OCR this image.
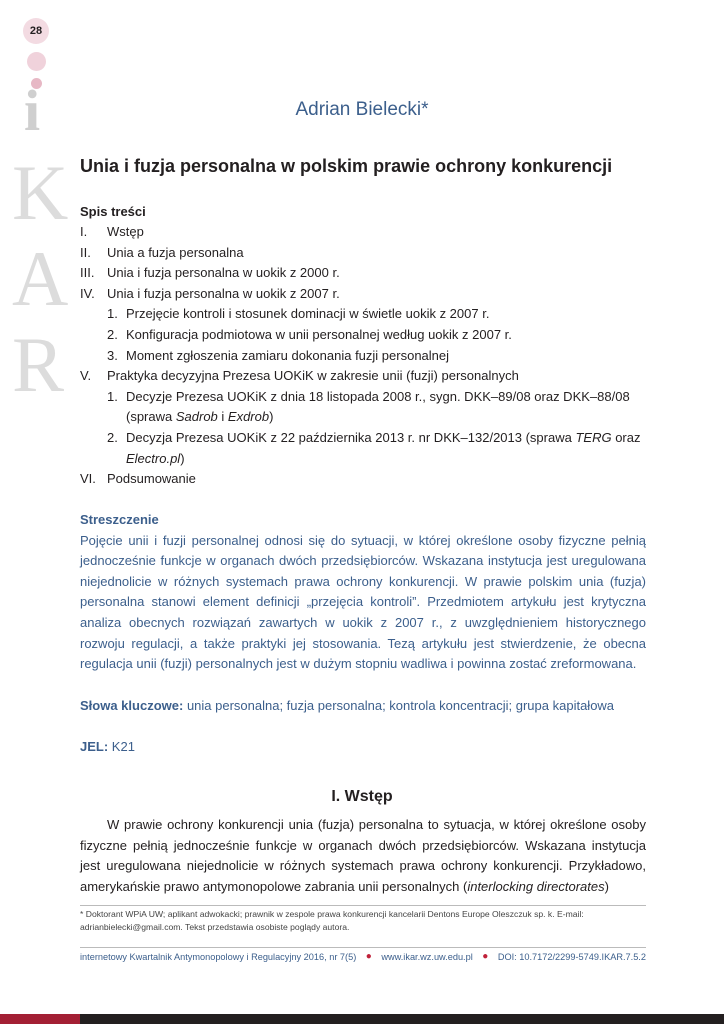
28
i
K
A
R
Adrian Bielecki*
Unia i fuzja personalna w polskim prawie ochrony konkurencji
Spis treści
I.	Wstęp
II.	Unia a fuzja personalna
III. Unia i fuzja personalna w uokik z 2000 r.
IV. Unia i fuzja personalna w uokik z 2007 r.
1. Przejęcie kontroli i stosunek dominacji w świetle uokik z 2007 r.
2. Konfiguracja podmiotowa w unii personalnej według uokik z 2007 r.
3. Moment zgłoszenia zamiaru dokonania fuzji personalnej
V.	Praktyka decyzyjna Prezesa UOKiK w zakresie unii (fuzji) personalnych
1. Decyzje Prezesa UOKiK z dnia 18 listopada 2008 r., sygn. DKK–89/08 oraz DKK–88/08 (sprawa Sadrob i Exdrob)
2. Decyzja Prezesa UOKiK z 22 października 2013 r. nr DKK–132/2013 (sprawa TERG oraz Electro.pl)
VI. Podsumowanie
Streszczenie
Pojęcie unii i fuzji personalnej odnosi się do sytuacji, w której określone osoby fizyczne pełnią jednocześnie funkcje w organach dwóch przedsiębiorców. Wskazana instytucja jest uregulowana niejednolicie w różnych systemach prawa ochrony konkurencji. W prawie polskim unia (fuzja) personalna stanowi element definicji „przejęcia kontroli”. Przedmiotem artykułu jest krytyczna analiza obecnych rozwiązań zawartych w uokik z 2007 r., z uwzględnieniem historycznego rozwoju regulacji, a także praktyki jej stosowania. Tezą artykułu jest stwierdzenie, że obecna regulacja unii (fuzji) personalnych jest w dużym stopniu wadliwa i powinna zostać zreformowana.
Słowa kluczowe: unia personalna; fuzja personalna; kontrola koncentracji; grupa kapitałowa
JEL: K21
I. Wstęp
W prawie ochrony konkurencji unia (fuzja) personalna to sytuacja, w której określone osoby fizyczne pełnią jednocześnie funkcje w organach dwóch przedsiębiorców. Wskazana instytucja jest uregulowana niejednolicie w różnych systemach prawa ochrony konkurencji. Przykładowo, amerykańskie prawo antymonopolowe zabrania unii personalnych (interlocking directorates)
* Doktorant WPiA UW; aplikant adwokacki; prawnik w zespole prawa konkurencji kancelarii Dentons Europe Oleszczuk sp. k. E-mail: adrianbielecki@gmail.com. Tekst przedstawia osobiste poglądy autora.
internetowy Kwartalnik Antymonopolowy i Regulacyjny 2016, nr 7(5) ● www.ikar.wz.uw.edu.pl ● DOI: 10.7172/2299-5749.IKAR.7.5.2
